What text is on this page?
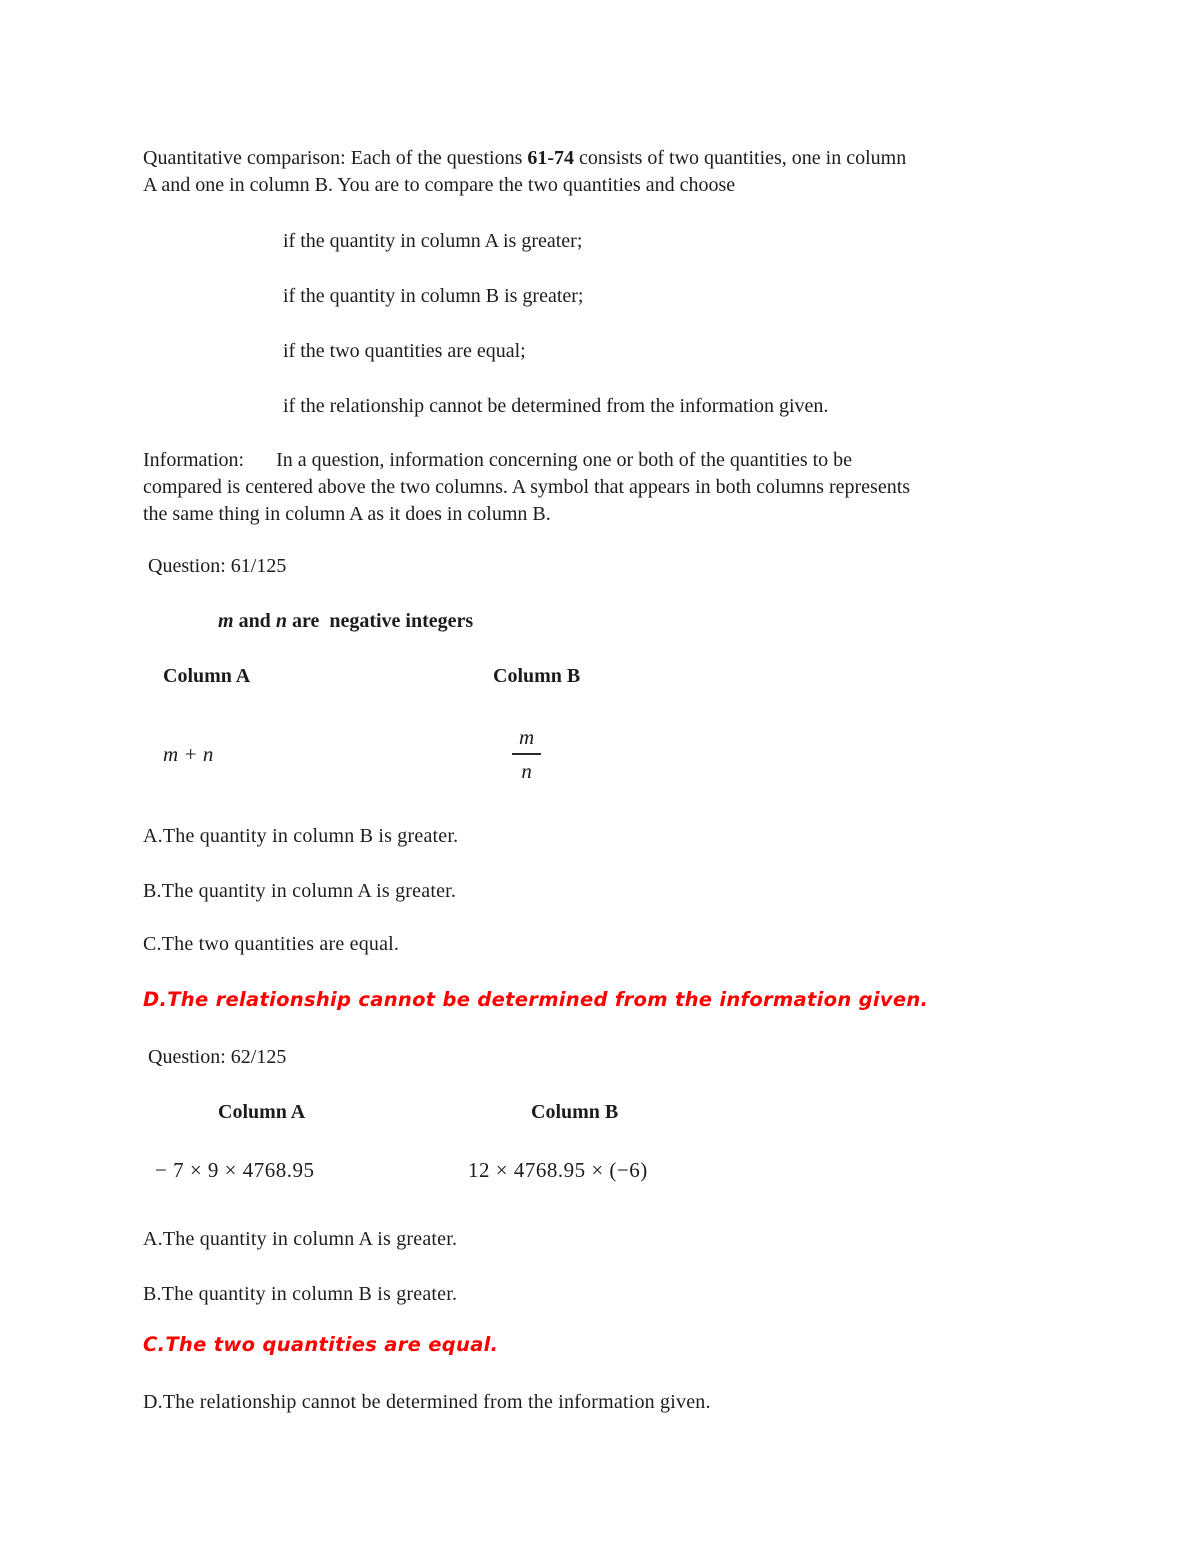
Quantitative comparison: Each of the questions 61-74 consists of two quantities, one in column
A and one in column B. You are to compare the two quantities and choose

if the quantity in column A is greater;

if the quantity in column B is greater;

if the two quantities are equal;

if the relationship cannot be determined from the information given.

Information: In a question, information concerning one or both of the quantities to be
compared is centered above the two columns. A symbol that appears in both columns represents
the same thing in column A as it does in column B.

Question: 61/125

m and n are  negative integers

Column A	Column B
m + n	$\frac{m}{n}$

A.The quantity in column B is greater.

B.The quantity in column A is greater.

C.The two quantities are equal.

D.The relationship cannot be determined from the information given.

Question: 62/125

Column A	Column B
− 7 × 9 × 4768.95	12 × 4768.95 × (−6)

A.The quantity in column A is greater.

B.The quantity in column B is greater.

C.The two quantities are equal.

D.The relationship cannot be determined from the information given.
